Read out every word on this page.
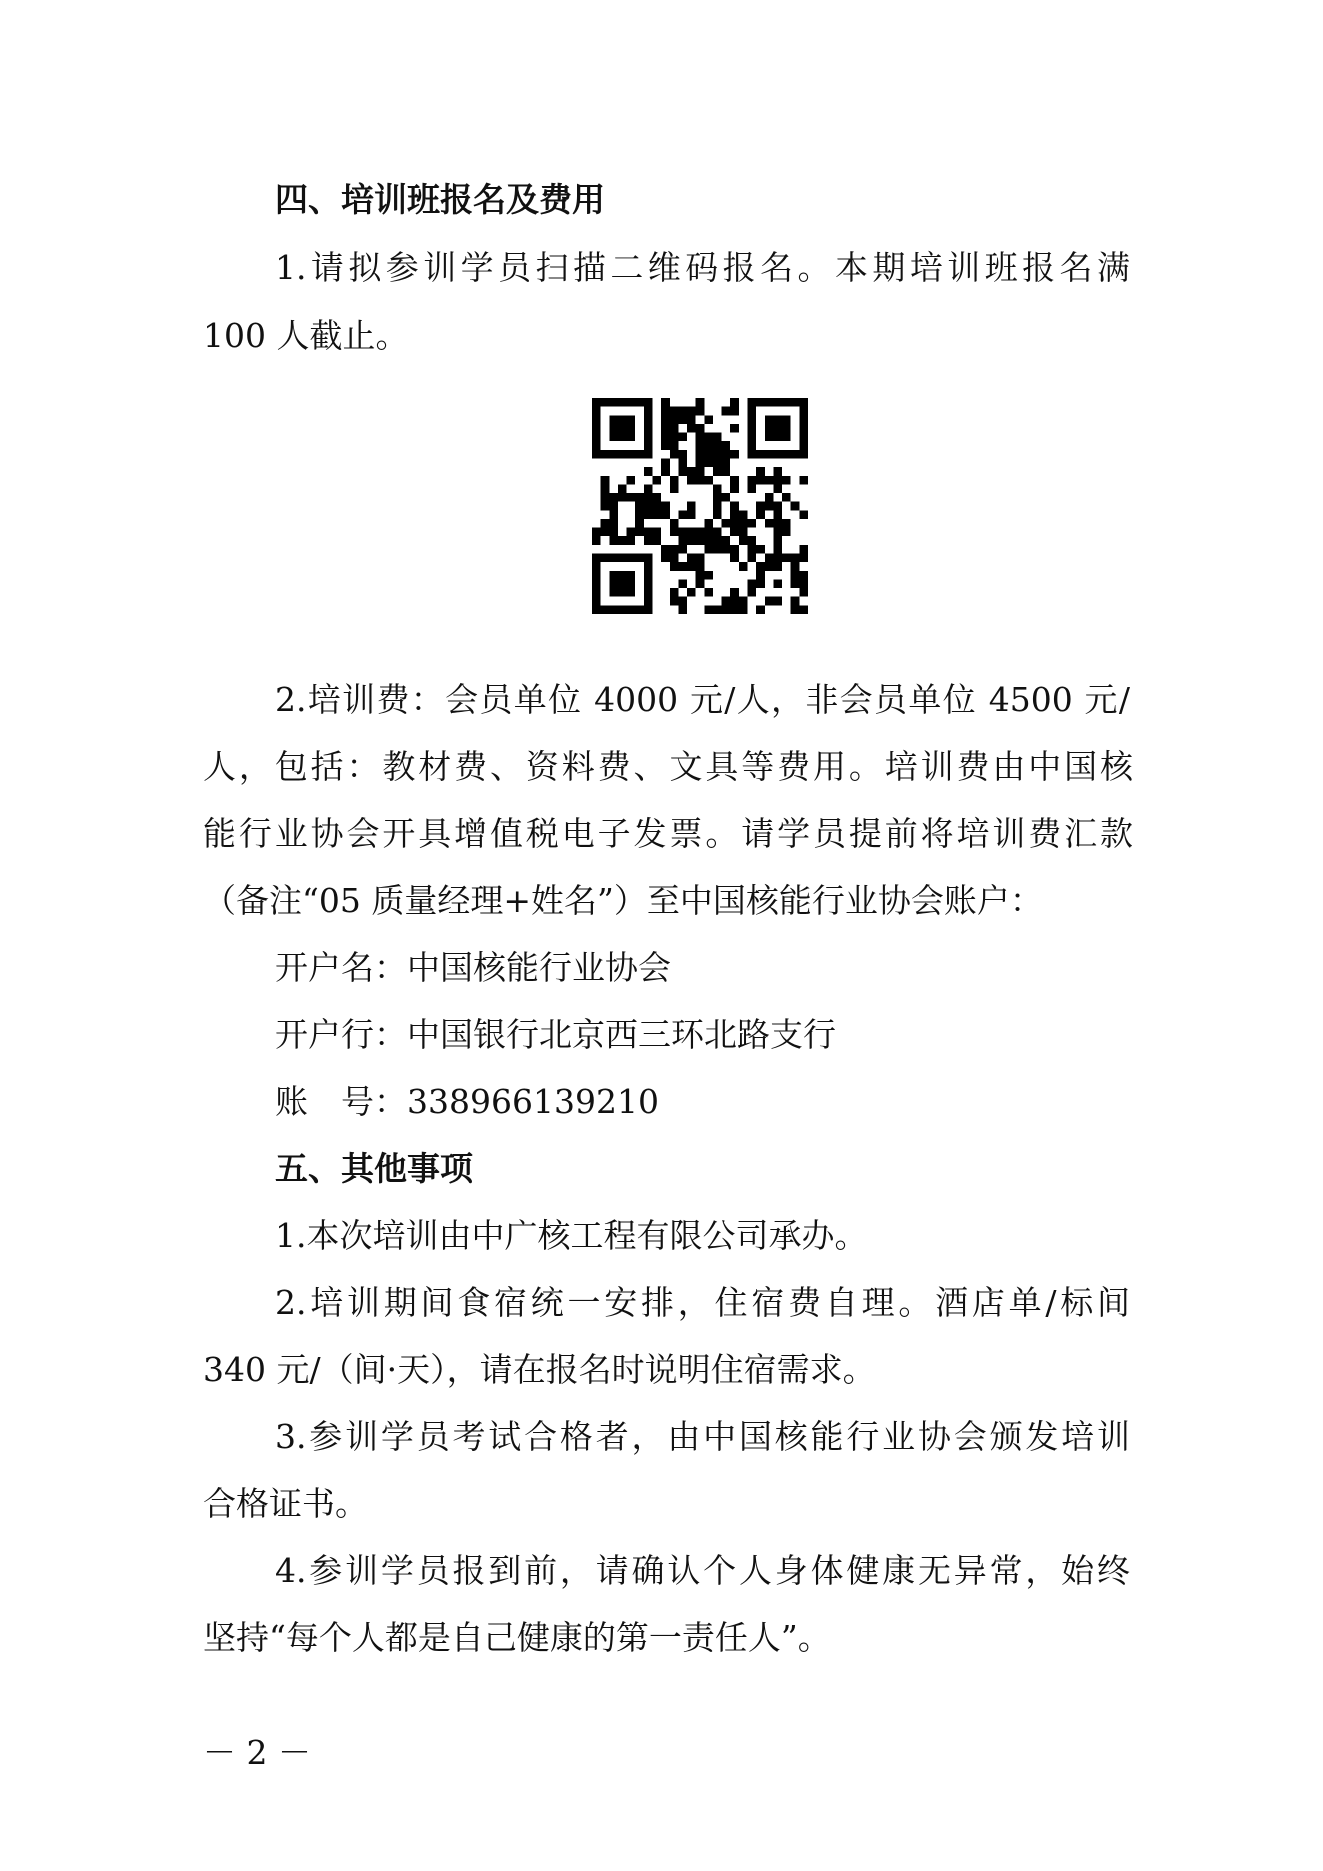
四、培训班报名及费用
1.请拟参训学员扫描二维码报名。本期培训班报名满
100 人截止。
2.培训费：会员单位 4000 元/人，非会员单位 4500 元/
人，包括：教材费、资料费、文具等费用。培训费由中国核
能行业协会开具增值税电子发票。请学员提前将培训费汇款
（备注“05 质量经理+姓名”）至中国核能行业协会账户：
开户名：中国核能行业协会
开户行：中国银行北京西三环北路支行
账　号：338966139210
五、其他事项
1.本次培训由中广核工程有限公司承办。
2.培训期间食宿统一安排，住宿费自理。酒店单/标间
340 元/（间·天），请在报名时说明住宿需求。
3.参训学员考试合格者，由中国核能行业协会颁发培训
合格证书。
4.参训学员报到前，请确认个人身体健康无异常，始终
坚持“每个人都是自己健康的第一责任人”。
－ 2 －
